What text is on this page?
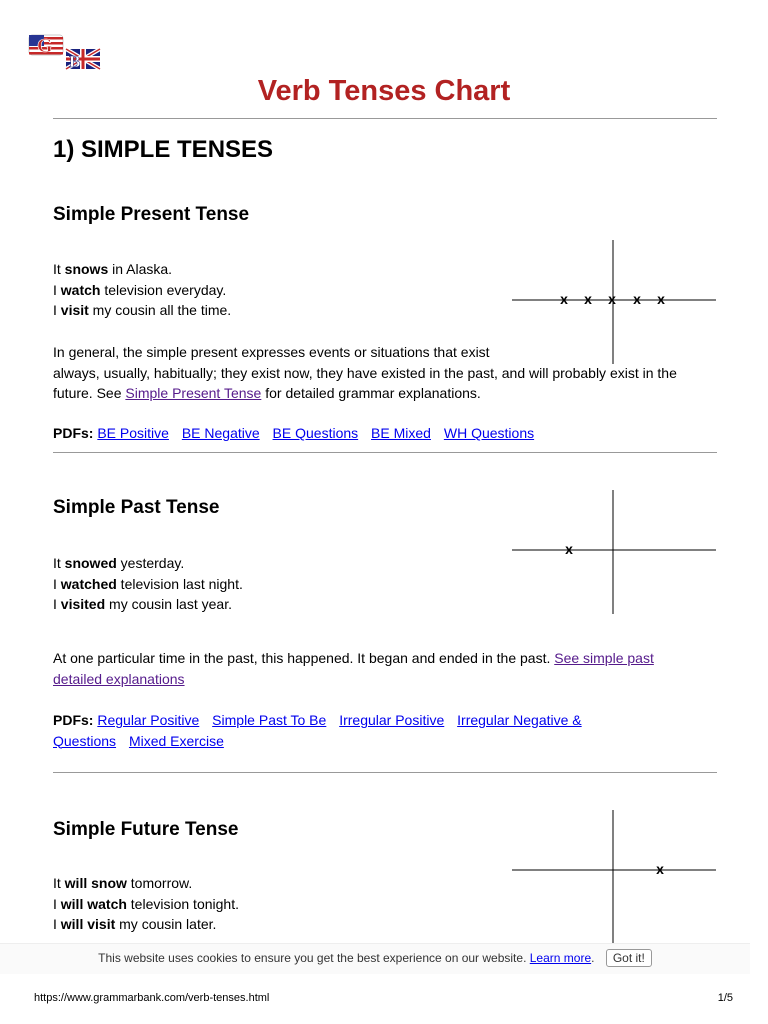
G
B
Verb Tenses Chart
1) SIMPLE TENSES
Simple Present Tense
It snows in Alaska.
I watch television everyday.
I visit my cousin all the time.
x x x x x
In general, the simple present expresses events or situations that exist
always, usually, habitually; they exist now, they have existed in the past, and will probably exist in the
future. See Simple Present Tense for detailed grammar explanations.
PDFs: BE Positive BE Negative BE Questions BE Mixed WH Questions
Simple Past Tense
It snowed yesterday.
I watched television last night.
I visited my cousin last year.
x
At one particular time in the past, this happened. It began and ended in the past. See simple past
detailed explanations
PDFs: Regular Positive Simple Past To Be Irregular Positive Irregular Negative &
Questions Mixed Exercise
Simple Future Tense
It will snow tomorrow.
I will watch television tonight.
I will visit my cousin later.
x
This website uses cookies to ensure you get the best experience on our website. Learn more. Got it!
https://www.grammarbank.com/verb-tenses.html	1/5
